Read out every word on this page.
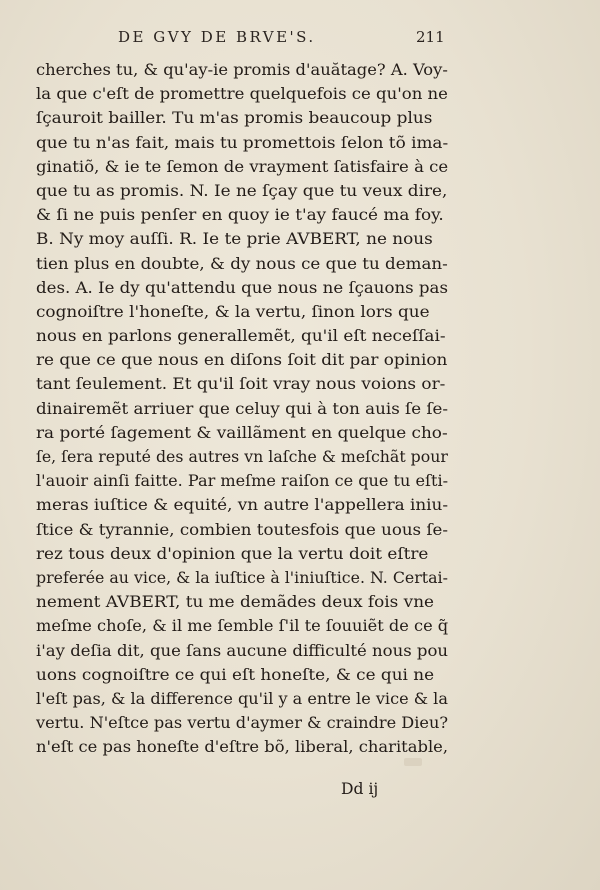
DE GVY DE BRVE'S.	211
cherches tu, & qu'ay-ie promis d'auătage? A. Voy-
la que c'eſt de promettre quelquefois ce qu'on ne
ſçauroit bailler. Tu m'as promis beaucoup plus
que tu n'as fait, mais tu promettois ſelon tõ ima-
ginatiõ, & ie te ſemon de vrayment ſatisfaire à ce
que tu as promis. N. Ie ne ſçay que tu veux dire,
& ſi ne puis penſer en quoy ie t'ay faucé ma foy.
B. Ny moy auſſi. R. Ie te prie AVBERT, ne nous
tien plus en doubte, & dy nous ce que tu deman-
des. A. Ie dy qu'attendu que nous ne ſçauons pas
cognoiſtre l'honeſte, & la vertu, ſinon lors que
nous en parlons generallemẽt, qu'il eſt neceſſai-
re que ce que nous en diſons ſoit dit par opinion
tant ſeulement. Et qu'il ſoit vray nous voions or-
dinairemẽt arriuer que celuy qui à ton auis ſe ſe-
ra porté ſagement & vaillãment en quelque cho-
ſe, ſera reputé des autres vn laſche & meſchãt pour
l'auoir ainſi faitte. Par meſme raiſon ce que tu eſti-
meras iuſtice & equité, vn autre l'appellera iniu-
ſtice & tyrannie, combien toutesfois que uous ſe-
rez tous deux d'opinion que la vertu doit eſtre
preferée au vice, & la iuſtice à l'iniuſtice. N. Certai-
nement AVBERT, tu me demãdes deux fois vne
meſme choſe, & il me ſemble ſ'il te ſouuiẽt de ce q̃
i'ay deſia dit, que ſans aucune difficulté nous pou
uons cognoiſtre ce qui eſt honeſte, & ce qui ne
l'eſt pas, & la difference qu'il y a entre le vice & la
vertu. N'eſtce pas vertu d'aymer & craindre Dieu?
n'eſt ce pas honeſte d'eſtre bõ, liberal, charitable,
Dd ij
